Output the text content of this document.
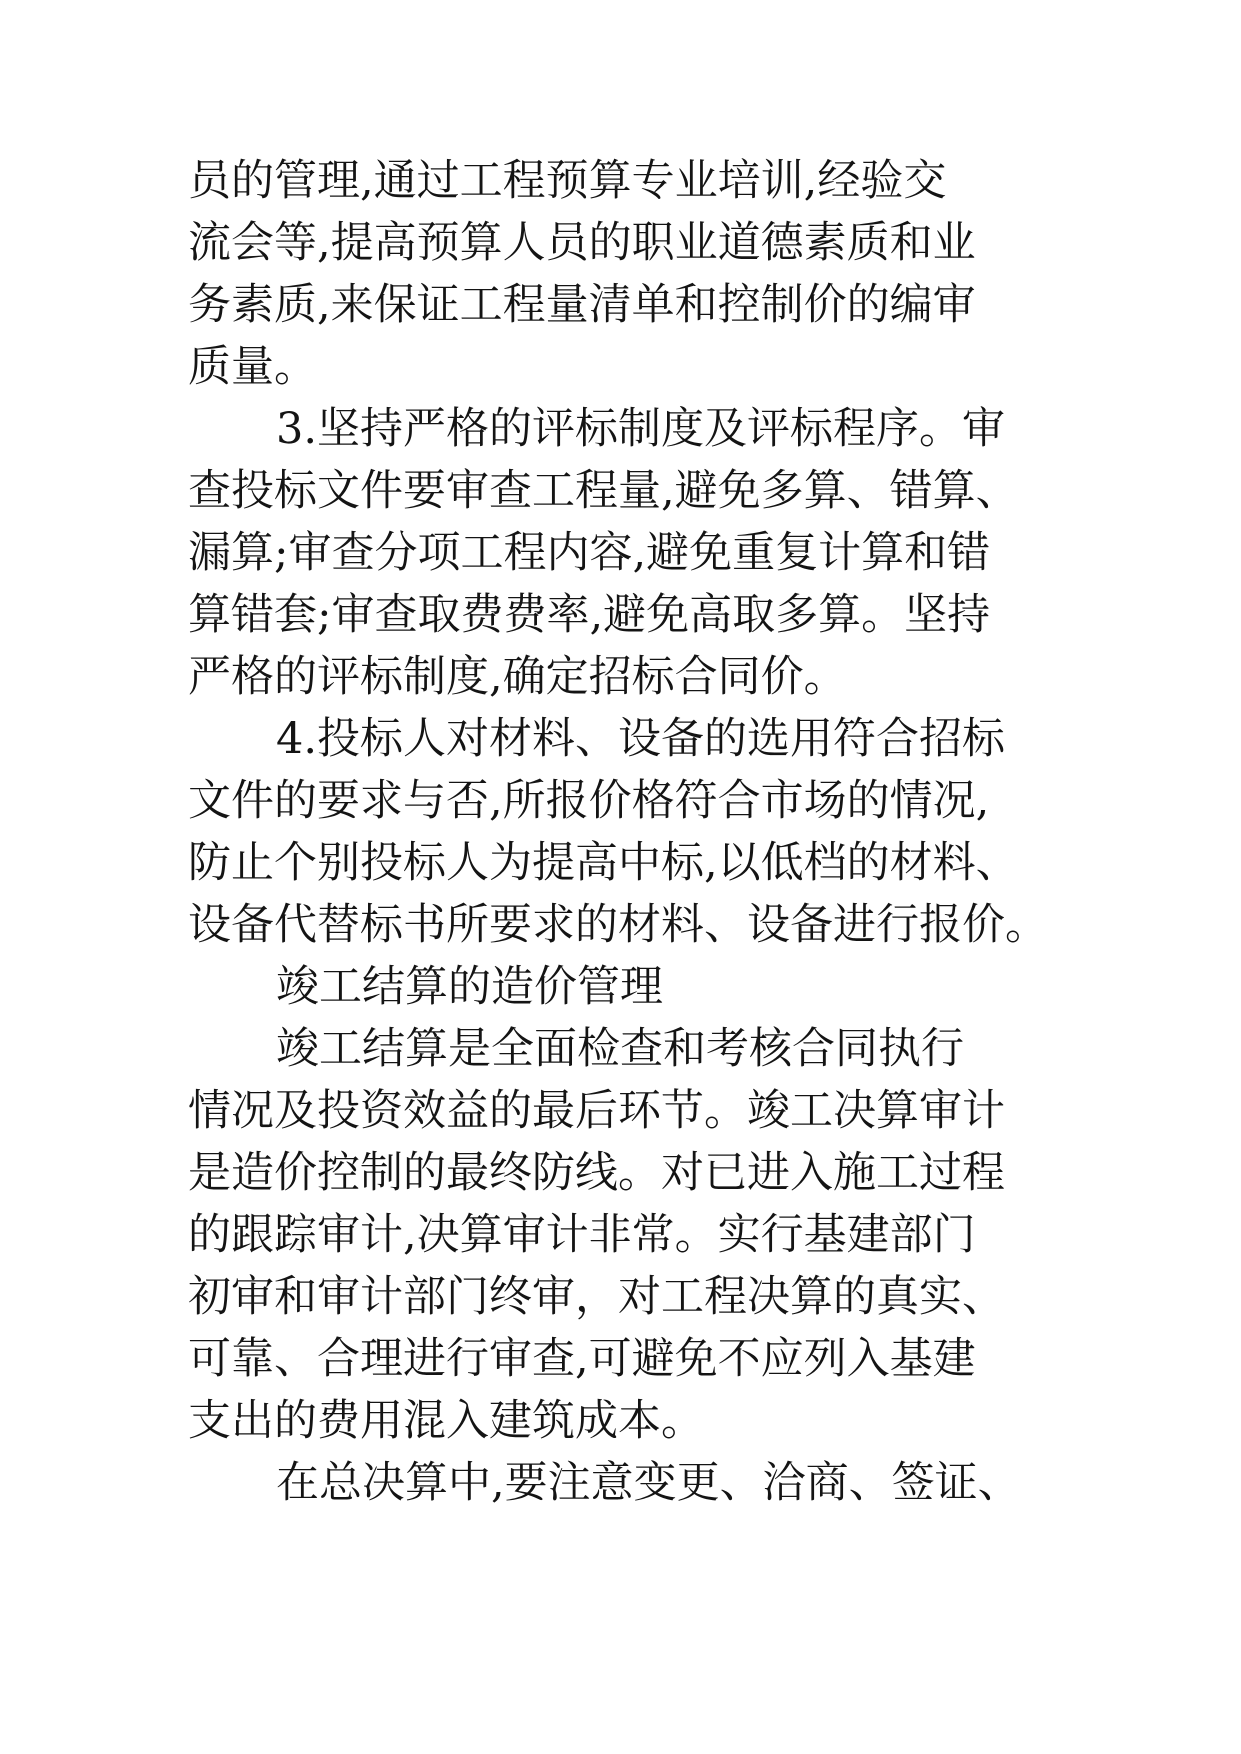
员的管理,通过工程预算专业培训,经验交
流会等,提高预算人员的职业道德素质和业
务素质,来保证工程量清单和控制价的编审
质量。
3.坚持严格的评标制度及评标程序。审
查投标文件要审查工程量,避免多算、错算、
漏算;审查分项工程内容,避免重复计算和错
算错套;审查取费费率,避免高取多算。坚持
严格的评标制度,确定招标合同价。
4.投标人对材料、设备的选用符合招标
文件的要求与否,所报价格符合市场的情况,
防止个别投标人为提高中标,以低档的材料、
设备代替标书所要求的材料、设备进行报价。
竣工结算的造价管理
竣工结算是全面检查和考核合同执行
情况及投资效益的最后环节。竣工决算审计
是造价控制的最终防线。对已进入施工过程
的跟踪审计,决算审计非常。实行基建部门
初审和审计部门终审，对工程决算的真实、
可靠、合理进行审查,可避免不应列入基建
支出的费用混入建筑成本。
在总决算中,要注意变更、洽商、签证、
